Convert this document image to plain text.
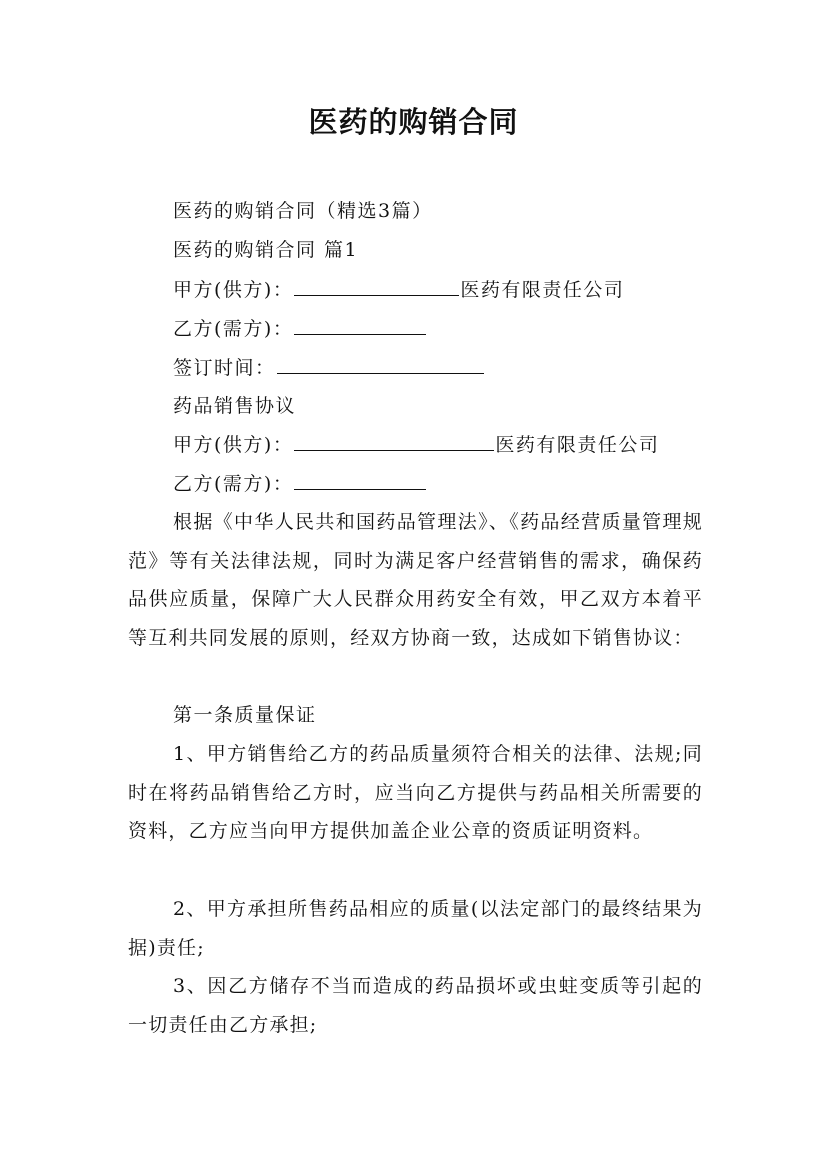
医药的购销合同
医药的购销合同（精选3篇）
医药的购销合同 篇1
甲方(供方)：	医药有限责任公司
乙方(需方)：
签订时间：
药品销售协议
甲方(供方)：	医药有限责任公司
乙方(需方)：
根据《中华人民共和国药品管理法》、《药品经营质量管理规范》等有关法律法规，同时为满足客户经营销售的需求，确保药品供应质量，保障广大人民群众用药安全有效，甲乙双方本着平等互利共同发展的原则，经双方协商一致，达成如下销售协议：
第一条质量保证
1、甲方销售给乙方的药品质量须符合相关的法律、法规;同时在将药品销售给乙方时，应当向乙方提供与药品相关所需要的资料，乙方应当向甲方提供加盖企业公章的资质证明资料。
2、甲方承担所售药品相应的质量(以法定部门的最终结果为据)责任;
3、因乙方储存不当而造成的药品损坏或虫蛀变质等引起的一切责任由乙方承担;
